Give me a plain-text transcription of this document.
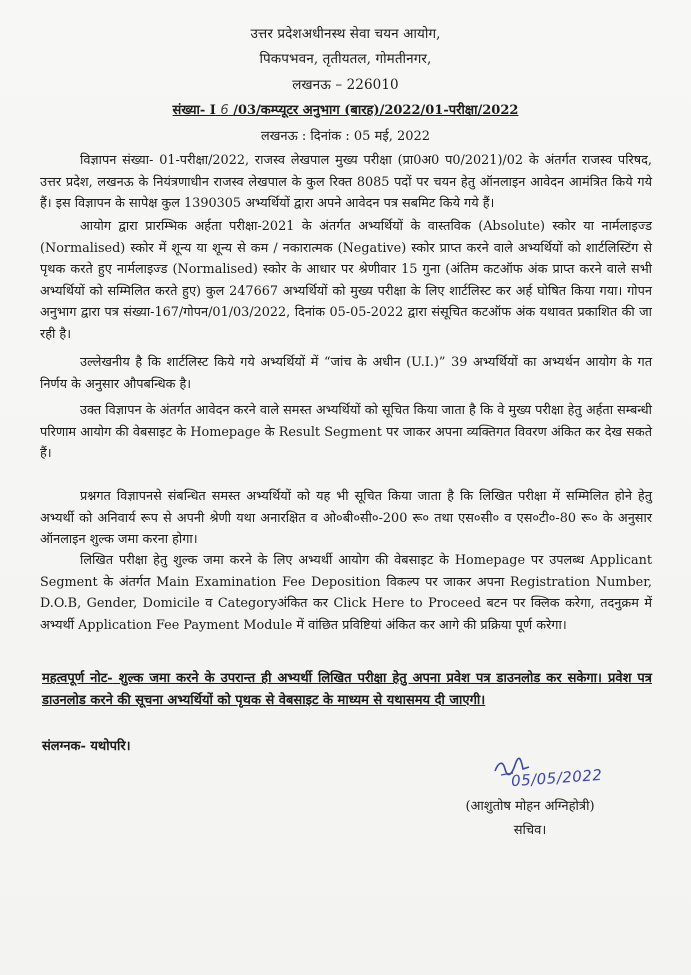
उत्तर प्रदेशअधीनस्थ सेवा चयन आयोग,
पिकपभवन, तृतीयतल, गोमतीनगर,
लखनऊ – 226010
संख्या- I 6 /03/कम्प्यूटर अनुभाग (बारह)/2022/01-परीक्षा/2022
लखनऊ : दिनांक : 05 मई, 2022
विज्ञापन संख्या- 01-परीक्षा/2022, राजस्व लेखपाल मुख्य परीक्षा (प्रा0अ0 प0/2021)/02 के अंतर्गत राजस्व परिषद, उत्तर प्रदेश, लखनऊ के नियंत्रणाधीन राजस्व लेखपाल के कुल रिक्त 8085 पदों पर चयन हेतु ऑनलाइन आवेदन आमंत्रित किये गये हैं। इस विज्ञापन के सापेक्ष कुल 1390305 अभ्यर्थियों द्वारा अपने आवेदन पत्र सबमिट किये गये हैं।
आयोग द्वारा प्रारम्भिक अर्हता परीक्षा-2021 के अंतर्गत अभ्यर्थियों के वास्तविक (Absolute) स्कोर या नार्मलाइज्ड (Normalised) स्कोर में शून्य या शून्य से कम / नकारात्मक (Negative) स्कोर प्राप्त करने वाले अभ्यर्थियों को शार्टलिस्टिंग से पृथक करते हुए नार्मलाइज्ड (Normalised) स्कोर के आधार पर श्रेणीवार 15 गुना (अंतिम कटऑफ अंक प्राप्त करने वाले सभी अभ्यर्थियों को सम्मिलित करते हुए) कुल 247667 अभ्यर्थियों को मुख्य परीक्षा के लिए शार्टलिस्ट कर अर्ह घोषित किया गया। गोपन अनुभाग द्वारा पत्र संख्या-167/गोपन/01/03/2022, दिनांक 05-05-2022 द्वारा संसूचित कटऑफ अंक यथावत प्रकाशित की जा रही है।
उल्लेखनीय है कि शार्टलिस्ट किये गये अभ्यर्थियों में “जांच के अधीन (U.I.)” 39 अभ्यर्थियों का अभ्यर्थन आयोग के गत निर्णय के अनुसार औपबन्धिक है।
उक्त विज्ञापन के अंतर्गत आवेदन करने वाले समस्त अभ्यर्थियों को सूचित किया जाता है कि वे मुख्य परीक्षा हेतु अर्हता सम्बन्धी परिणाम आयोग की वेबसाइट के Homepage के Result Segment पर जाकर अपना व्यक्तिगत विवरण अंकित कर देख सकते हैं।
प्रश्नगत विज्ञापनसे संबन्धित समस्त अभ्यर्थियों को यह भी सूचित किया जाता है कि लिखित परीक्षा में सम्मिलित होने हेतु अभ्यर्थी को अनिवार्य रूप से अपनी श्रेणी यथा अनारक्षित व ओ०बी०सी०-200 रू० तथा एस०सी० व एस०टी०-80 रू० के अनुसार ऑनलाइन शुल्क जमा करना होगा।
लिखित परीक्षा हेतु शुल्क जमा करने के लिए अभ्यर्थी आयोग की वेबसाइट के Homepage पर उपलब्ध Applicant Segment के अंतर्गत Main Examination Fee Deposition विकल्प पर जाकर अपना Registration Number, D.O.B, Gender, Domicile व Categoryअंकित कर Click Here to Proceed बटन पर क्लिक करेगा, तदनुक्रम में अभ्यर्थी Application Fee Payment Module में वांछित प्रविष्टियां अंकित कर आगे की प्रक्रिया पूर्ण करेगा।
महत्वपूर्ण नोट- शुल्क जमा करने के उपरान्त ही अभ्यर्थी लिखित परीक्षा हेतु अपना प्रवेश पत्र डाउनलोड कर सकेगा। प्रवेश पत्र डाउनलोड करने की सूचना अभ्यर्थियों को पृथक से वेबसाइट के माध्यम से यथासमय दी जाएगी।
संलग्नक- यथोपरि।
05/05/2022
(आशुतोष मोहन अग्निहोत्री)
सचिव।
